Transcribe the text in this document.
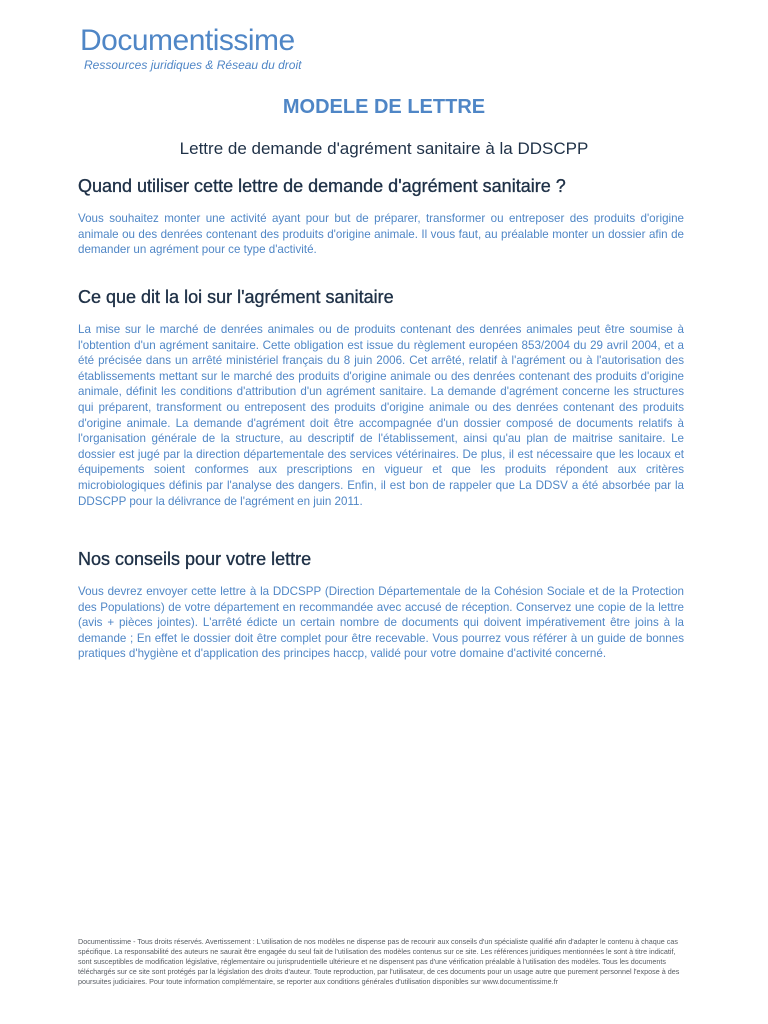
Documentissime
Ressources juridiques & Réseau du droit
MODELE DE LETTRE
Lettre de demande d'agrément sanitaire à la DDSCPP
Quand utiliser cette lettre de demande d'agrément sanitaire ?

Vous souhaitez monter une activité ayant pour but de préparer, transformer ou entreposer des produits d'origine animale ou des denrées contenant des produits d'origine animale. Il vous faut, au préalable monter un dossier afin de demander un agrément pour ce type d'activité.

Ce que dit la loi sur l'agrément sanitaire

La mise sur le marché de denrées animales ou de produits contenant des denrées animales peut être soumise à l'obtention d'un agrément sanitaire. Cette obligation est issue du règlement européen 853/2004 du 29 avril 2004, et a été précisée dans un arrêté ministériel français du 8 juin 2006. Cet arrêté, relatif à l'agrément ou à l'autorisation des établissements mettant sur le marché des produits d'origine animale ou des denrées contenant des produits d'origine animale, définit les conditions d'attribution d'un agrément sanitaire. La demande d'agrément concerne les structures qui préparent, transforment ou entreposent des produits d'origine animale ou des denrées contenant des produits d'origine animale. La demande d'agrément doit être accompagnée d'un dossier composé de documents relatifs à l'organisation générale de la structure, au descriptif de l'établissement, ainsi qu'au plan de maitrise sanitaire. Le dossier est jugé par la direction départementale des services vétérinaires. De plus, il est nécessaire que les locaux et équipements soient conformes aux prescriptions en vigueur et que les produits répondent aux critères microbiologiques définis par l'analyse des dangers. Enfin, il est bon de rappeler que La DDSV a été absorbée par la DDSCPP pour la délivrance de l'agrément en juin 2011.

Nos conseils pour votre lettre

Vous devrez envoyer cette lettre à la DDCSPP (Direction Départementale de la Cohésion Sociale et de la Protection des Populations) de votre département en recommandée avec accusé de réception. Conservez une copie de la lettre (avis + pièces jointes). L'arrêté édicte un certain nombre de documents qui doivent impérativement être joins à la demande ; En effet le dossier doit être complet pour être recevable. Vous pourrez vous référer à un guide de bonnes pratiques d'hygiène et d'application des principes haccp, validé pour votre domaine d'activité concerné.

Documentissime - Tous droits réservés. Avertissement : L'utilisation de nos modèles ne dispense pas de recourir aux conseils d'un spécialiste qualifié afin d'adapter le contenu à chaque cas spécifique. La responsabilité des auteurs ne saurait être engagée du seul fait de l'utilisation des modèles contenus sur ce site. Les références juridiques mentionnées le sont à titre indicatif, sont susceptibles de modification législative, réglementaire ou jurisprudentielle ultérieure et ne dispensent pas d'une vérification préalable à l'utilisation des modèles. Tous les documents téléchargés sur ce site sont protégés par la législation des droits d'auteur. Toute reproduction, par l'utilisateur, de ces documents pour un usage autre que purement personnel l'expose à des poursuites judiciaires. Pour toute information complémentaire, se reporter aux conditions générales d'utilisation disponibles sur www.documentissime.fr
